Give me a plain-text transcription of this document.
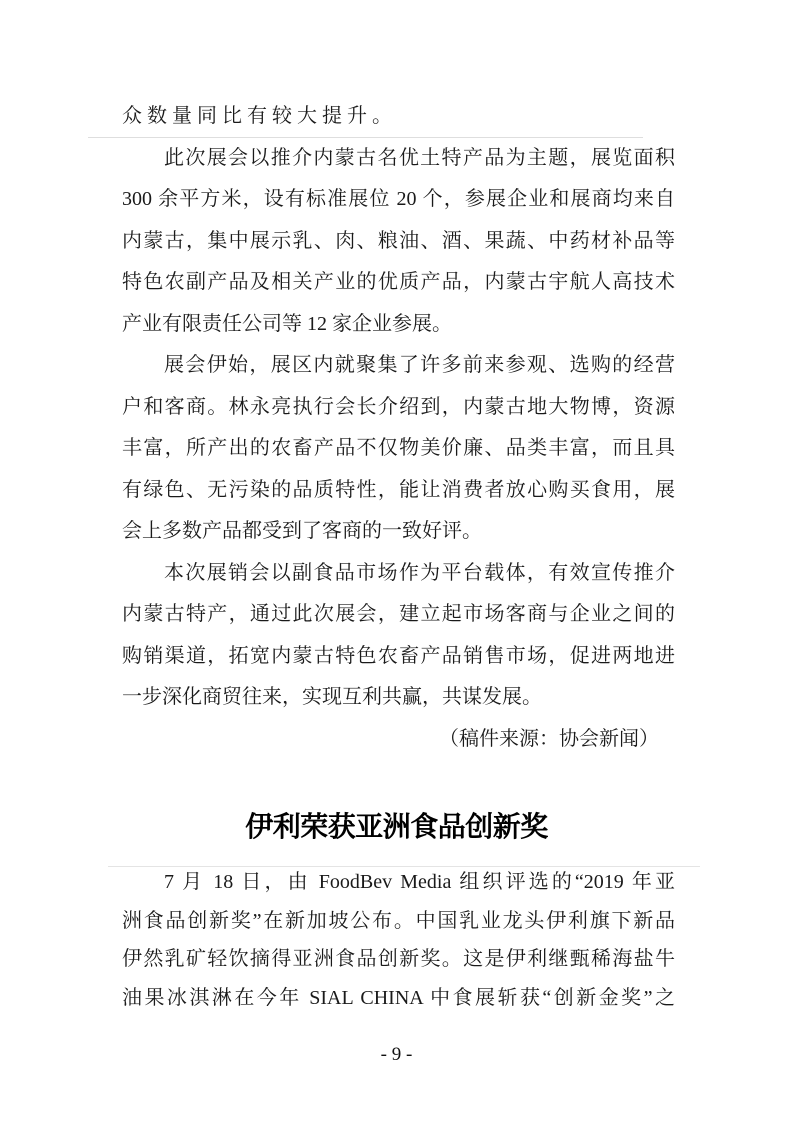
众数量同比有较大提升。
此次展会以推介内蒙古名优土特产品为主题，展览面积
300 余平方米，设有标准展位 20 个，参展企业和展商均来自
内蒙古，集中展示乳、肉、粮油、酒、果蔬、中药材补品等
特色农副产品及相关产业的优质产品，内蒙古宇航人高技术
产业有限责任公司等 12 家企业参展。
展会伊始，展区内就聚集了许多前来参观、选购的经营
户和客商。林永亮执行会长介绍到，内蒙古地大物博，资源
丰富，所产出的农畜产品不仅物美价廉、品类丰富，而且具
有绿色、无污染的品质特性，能让消费者放心购买食用，展
会上多数产品都受到了客商的一致好评。
本次展销会以副食品市场作为平台载体，有效宣传推介
内蒙古特产，通过此次展会，建立起市场客商与企业之间的
购销渠道，拓宽内蒙古特色农畜产品销售市场，促进两地进
一步深化商贸往来，实现互利共赢，共谋发展。
（稿件来源：协会新闻）
伊利荣获亚洲食品创新奖
7 月 18 日，由 FoodBev Media 组织评选的“2019 年亚
洲食品创新奖”在新加坡公布。中国乳业龙头伊利旗下新品
伊然乳矿轻饮摘得亚洲食品创新奖。这是伊利继甄稀海盐牛
油果冰淇淋在今年 SIAL CHINA 中食展斩获“创新金奖”之
- 9 -
